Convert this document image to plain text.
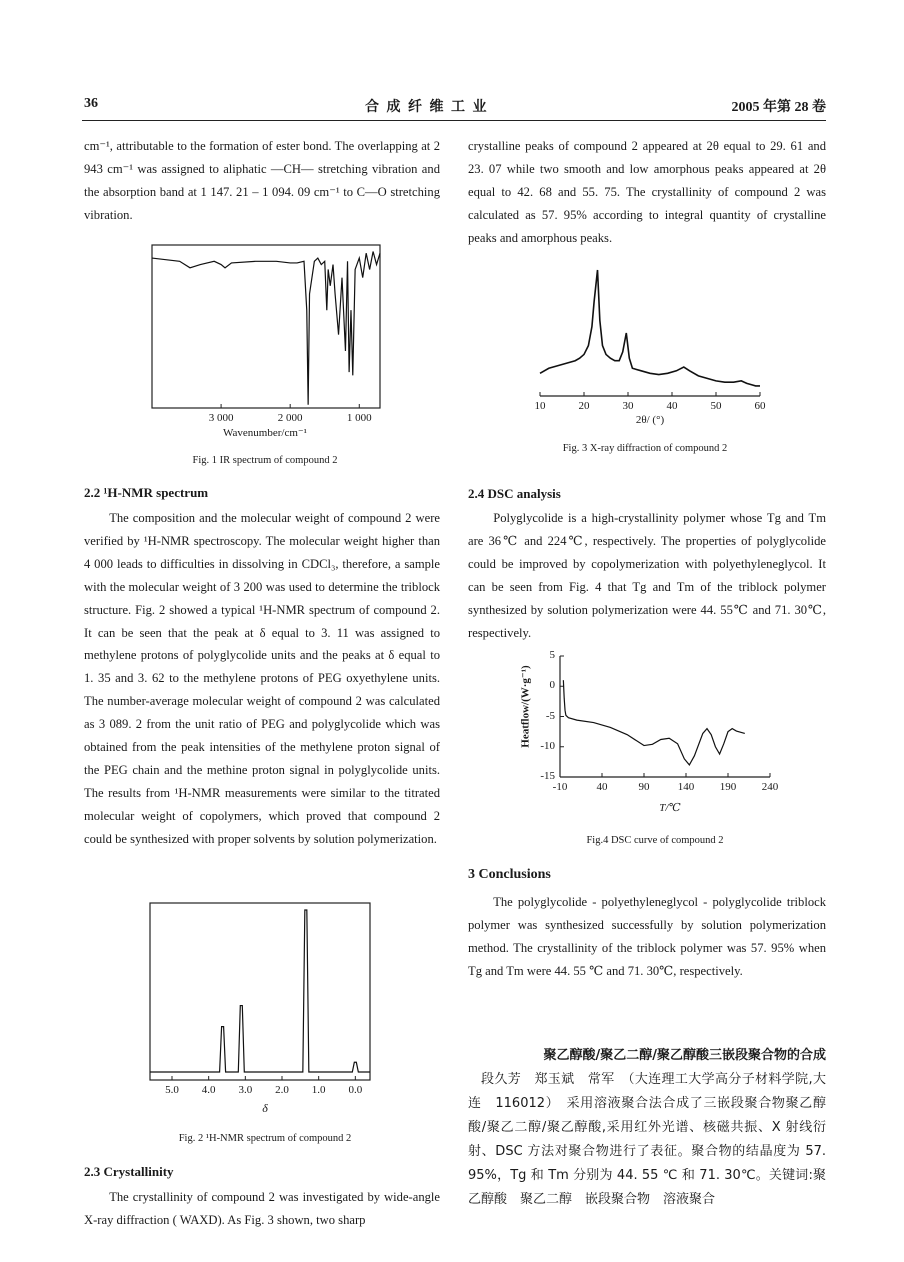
36	合 成 纤 维 工 业	2005 年第 28 卷

cm⁻¹, attributable to the formation of ester bond. The overlapping at 2 943 cm⁻¹ was assigned to aliphatic —CH— stretching vibration and the absorption band at 1 147. 21 – 1 094. 09 cm⁻¹ to C—O stretching vibration.

3 000	2 000	1 000
Wavenumber/cm⁻¹
Fig. 1 IR spectrum of compound 2
2.2 ¹H-NMR spectrum

The composition and the molecular weight of compound 2 were verified by ¹H-NMR spectroscopy. The molecular weight higher than 4 000 leads to difficulties in dissolving in CDCl₃, therefore, a sample with the molecular weight of 3 200 was used to determine the triblock structure. Fig. 2 showed a typical ¹H-NMR spectrum of compound 2. It can be seen that the peak at δ equal to 3. 11 was assigned to methylene protons of polyglycolide units and the peaks at δ equal to 1. 35 and 3. 62 to the methylene protons of PEG oxyethylene units. The number-average molecular weight of compound 2 was calculated as 3 089. 2 from the unit ratio of PEG and polyglycolide which was obtained from the peak intensities of the methylene proton signal of the PEG chain and the methine proton signal in polyglycolide units. The results from ¹H-NMR measurements were similar to the titrated molecular weight of copolymers, which proved that compound 2 could be synthesized with proper solvents by solution polymerization.

5.0 4.0 3.0 2.0 1.0 0.0
δ
Fig. 2 ¹H-NMR spectrum of compound 2
2.3 Crystallinity

The crystallinity of compound 2 was investigated by wide-angle X-ray diffraction ( WAXD). As Fig. 3 shown, two sharp

crystalline peaks of compound 2 appeared at 2θ equal to 29. 61 and 23. 07 while two smooth and low amorphous peaks appeared at 2θ equal to 42. 68 and 55. 75. The crystallinity of compound 2 was calculated as 57. 95% according to integral quantity of crystalline peaks and amorphous peaks.

10	20	30	40	50	60
2θ/ (°)
Fig. 3 X-ray diffraction of compound 2
2.4 DSC analysis

Polyglycolide is a high-crystallinity polymer whose Tg and Tm are 36℃ and 224℃, respectively. The properties of polyglycolide could be improved by copolymerization with polyethyleneglycol. It can be seen from Fig. 4 that Tg and Tm of the triblock polymer synthesized by solution polymerization were 44. 55℃ and 71. 30℃, respectively.

-10	40	90	140 190 240
5
0
-5
-10
-15
Heatflow/(W·g⁻¹)
T/℃
Fig.4 DSC curve of compound 2
3 Conclusions

The polyglycolide - polyethyleneglycol - polyglycolide triblock polymer was synthesized successfully by solution polymerization method. The crystallinity of the triblock polymer was 57. 95% when Tg and Tm were 44. 55 ℃ and 71. 30℃, respectively.

聚乙醇酸/聚乙二醇/聚乙醇酸三嵌段聚合物的合成
段久芳　郑玉斌　常军　（大连理工大学高分子材料学院,大连　116012）　采用溶液聚合法合成了三嵌段聚合物聚乙醇酸/聚乙二醇/聚乙醇酸,采用红外光谱、核磁共振、X 射线衍射、DSC 方法对聚合物进行了表征。聚合物的结晶度为 57. 95%，Tg 和 Tm 分别为 44. 55 ℃ 和 71. 30℃。关键词:聚乙醇酸　聚乙二醇　嵌段聚合物　溶液聚合
